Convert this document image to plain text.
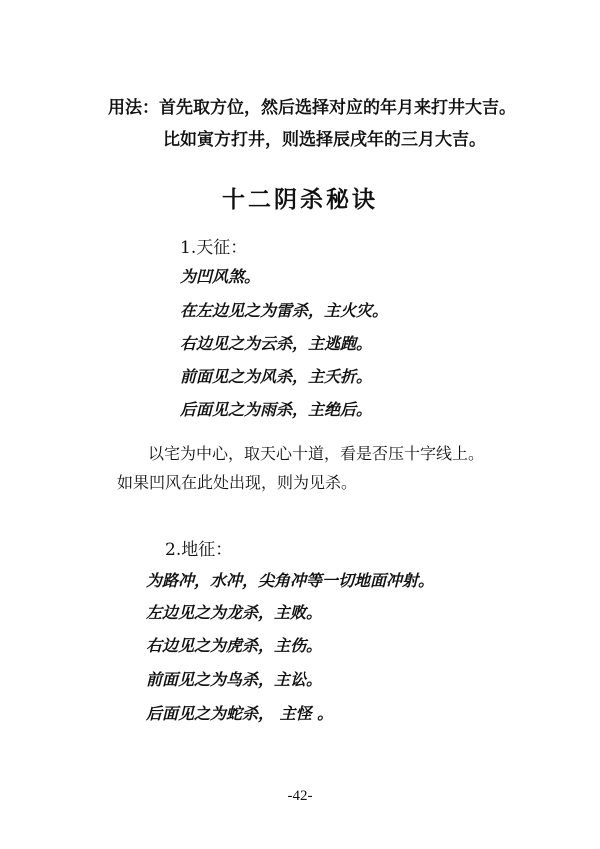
用法：首先取方位，然后选择对应的年月来打井大吉。
比如寅方打井，则选择辰戌年的三月大吉。
十二阴杀秘诀
1.天征：
为凹风煞。
在左边见之为雷杀，主火灾。
右边见之为云杀，主逃跑。
前面见之为风杀，主夭折。
后面见之为雨杀，主绝后。
以宅为中心，取天心十道，看是否压十字线上。
如果凹风在此处出现，则为见杀。
2.地征：
为路冲，水冲，尖角冲等一切地面冲射。
左边见之为龙杀，主败。
右边见之为虎杀，主伤。
前面见之为鸟杀，主讼。
后面见之为蛇杀， 主怪 。
-42-
